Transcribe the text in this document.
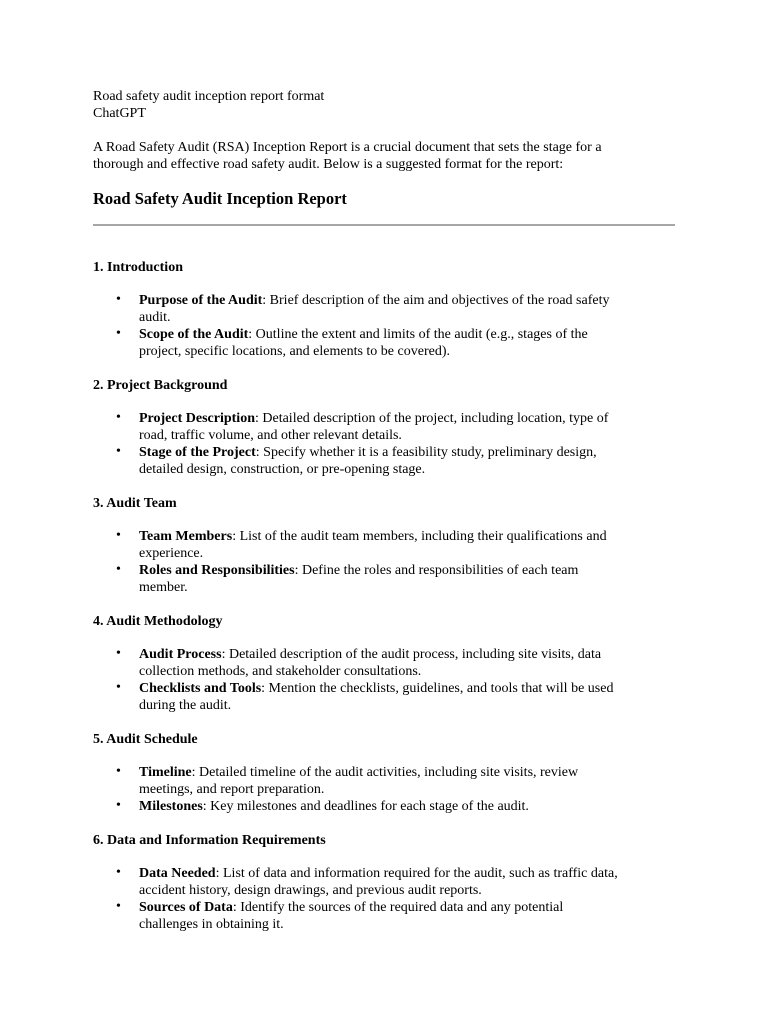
Road safety audit inception report format
ChatGPT
A Road Safety Audit (RSA) Inception Report is a crucial document that sets the stage for a
thorough and effective road safety audit. Below is a suggested format for the report:
Road Safety Audit Inception Report
1. Introduction
• Purpose of the Audit: Brief description of the aim and objectives of the road safety
audit.
• Scope of the Audit: Outline the extent and limits of the audit (e.g., stages of the
project, specific locations, and elements to be covered).
2. Project Background
• Project Description: Detailed description of the project, including location, type of
road, traffic volume, and other relevant details.
• Stage of the Project: Specify whether it is a feasibility study, preliminary design,
detailed design, construction, or pre-opening stage.
3. Audit Team
• Team Members: List of the audit team members, including their qualifications and
experience.
• Roles and Responsibilities: Define the roles and responsibilities of each team
member.
4. Audit Methodology
• Audit Process: Detailed description of the audit process, including site visits, data
collection methods, and stakeholder consultations.
• Checklists and Tools: Mention the checklists, guidelines, and tools that will be used
during the audit.
5. Audit Schedule
• Timeline: Detailed timeline of the audit activities, including site visits, review
meetings, and report preparation.
• Milestones: Key milestones and deadlines for each stage of the audit.
6. Data and Information Requirements
• Data Needed: List of data and information required for the audit, such as traffic data,
accident history, design drawings, and previous audit reports.
• Sources of Data: Identify the sources of the required data and any potential
challenges in obtaining it.
